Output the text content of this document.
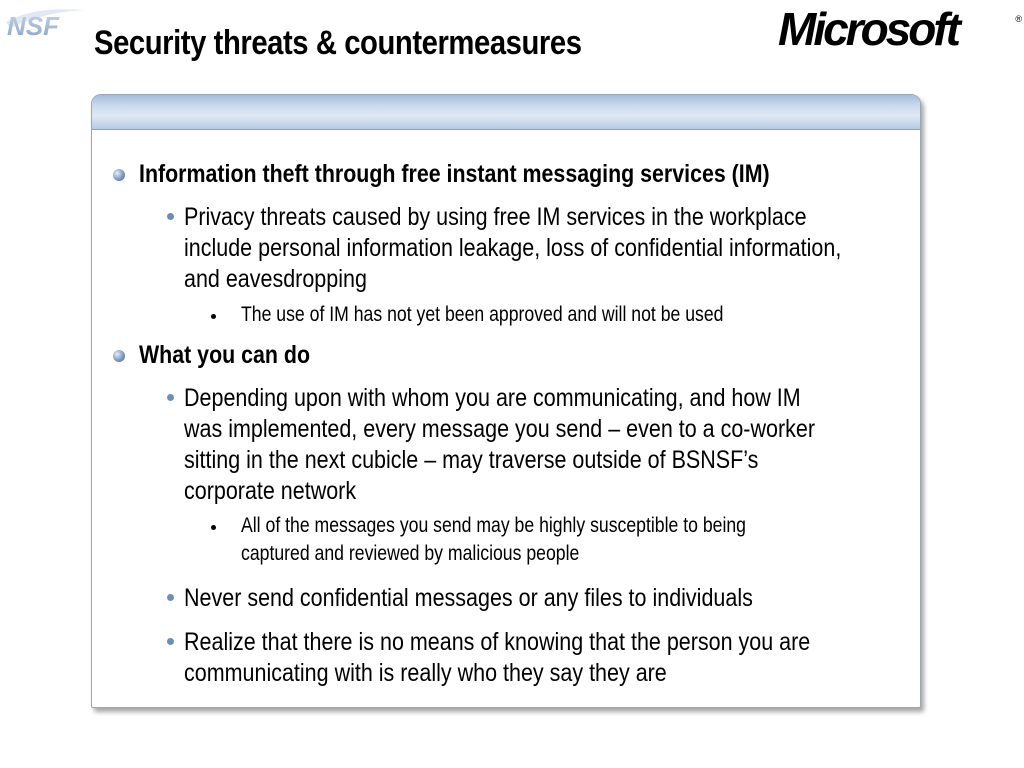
NSF	Microsoft	®
Security threats & countermeasures
Information theft through free instant messaging services (IM)
Privacy threats caused by using free IM services in the workplace
include personal information leakage, loss of confidential information,
and eavesdropping
The use of IM has not yet been approved and will not be used
What you can do
Depending upon with whom you are communicating, and how IM
was implemented, every message you send – even to a co-worker
sitting in the next cubicle – may traverse outside of BSNSF’s
corporate network
All of the messages you send may be highly susceptible to being
captured and reviewed by malicious people
Never send confidential messages or any files to individuals
Realize that there is no means of knowing that the person you are
communicating with is really who they say they are
